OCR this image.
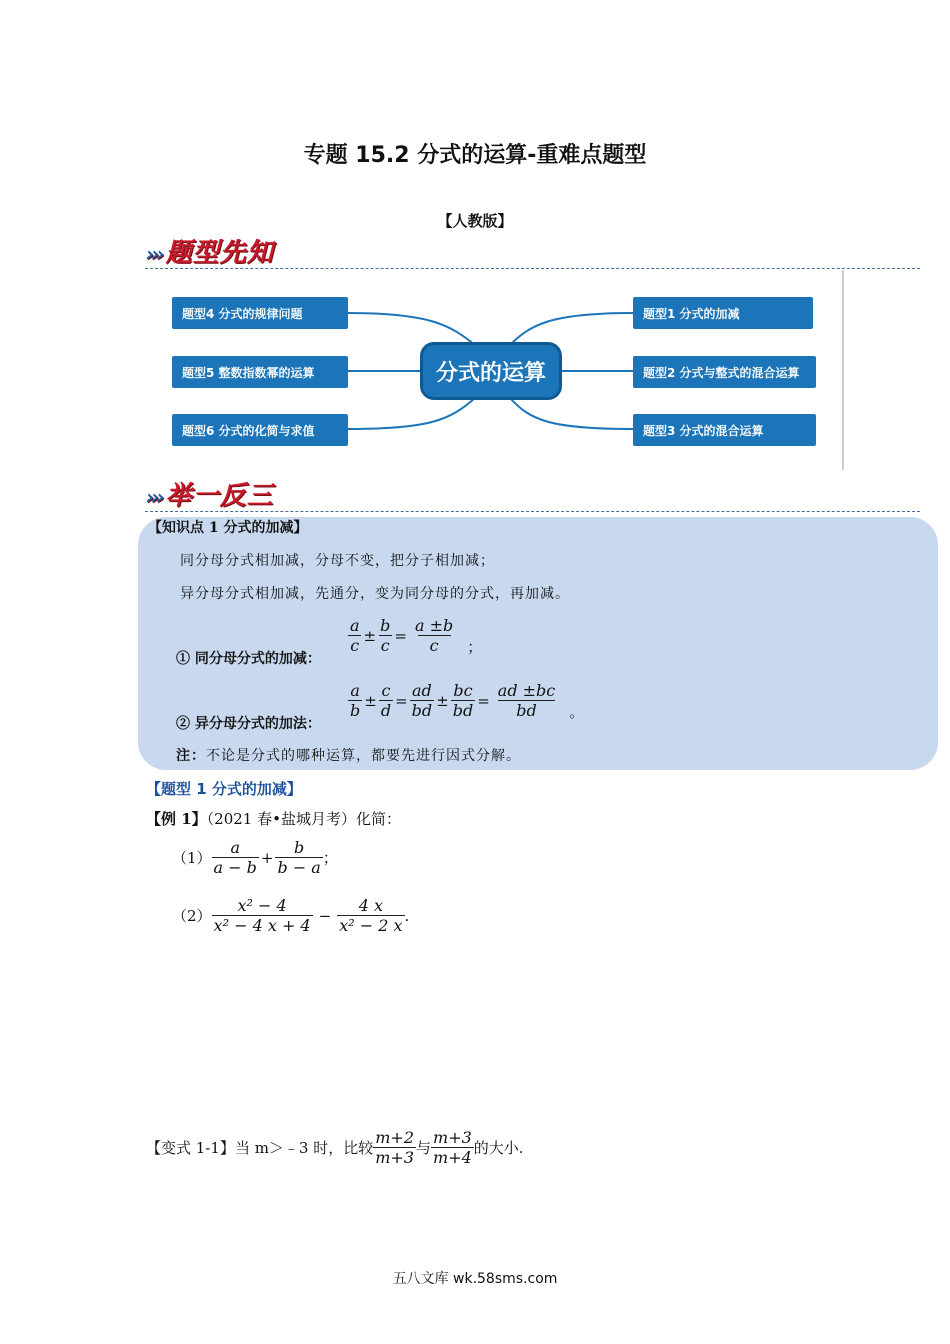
专题 15.2 分式的运算-重难点题型
【人教版】
››› 题型先知
题型4 分式的规律问题
题型5 整数指数幂的运算
题型6 分式的化简与求值
分式的运算
题型1 分式的加减
题型2 分式与整式的混合运算
题型3 分式的混合运算
››› 举一反三
【知识点 1 分式的加减】
同分母分式相加减，分母不变，把分子相加减；
异分母分式相加减，先通分，变为同分母的分式，再加减。
① 同分母分式的加减：
$\frac{a}{c} \pm \frac{b}{c} = \frac{a \pm b}{c}$ ；
② 异分母分式的加法：
$\frac{a}{b} \pm \frac{c}{d} = \frac{ad}{bd} \pm \frac{bc}{bd} = \frac{ad \pm bc}{bd}$ 。
注：不论是分式的哪种运算，都要先进行因式分解。
【题型 1 分式的加减】
【例 1】（2021 春•盐城月考）化简：
$(1) \frac{a}{a - b} + \frac{b}{b - a}$ ；
$(2) \frac{\text{x² − 4}}{\text{x² − 4 x + 4}} - \frac{4 x}{\text{x² − 2 x}}$ .
【变式 1-1】 当 m＞﹣3 时，比较 $\frac{m+2}{m+3}$ 与 $\frac{m+3}{m+4}$ 的大小.
五八文库 wk.58sms.com
